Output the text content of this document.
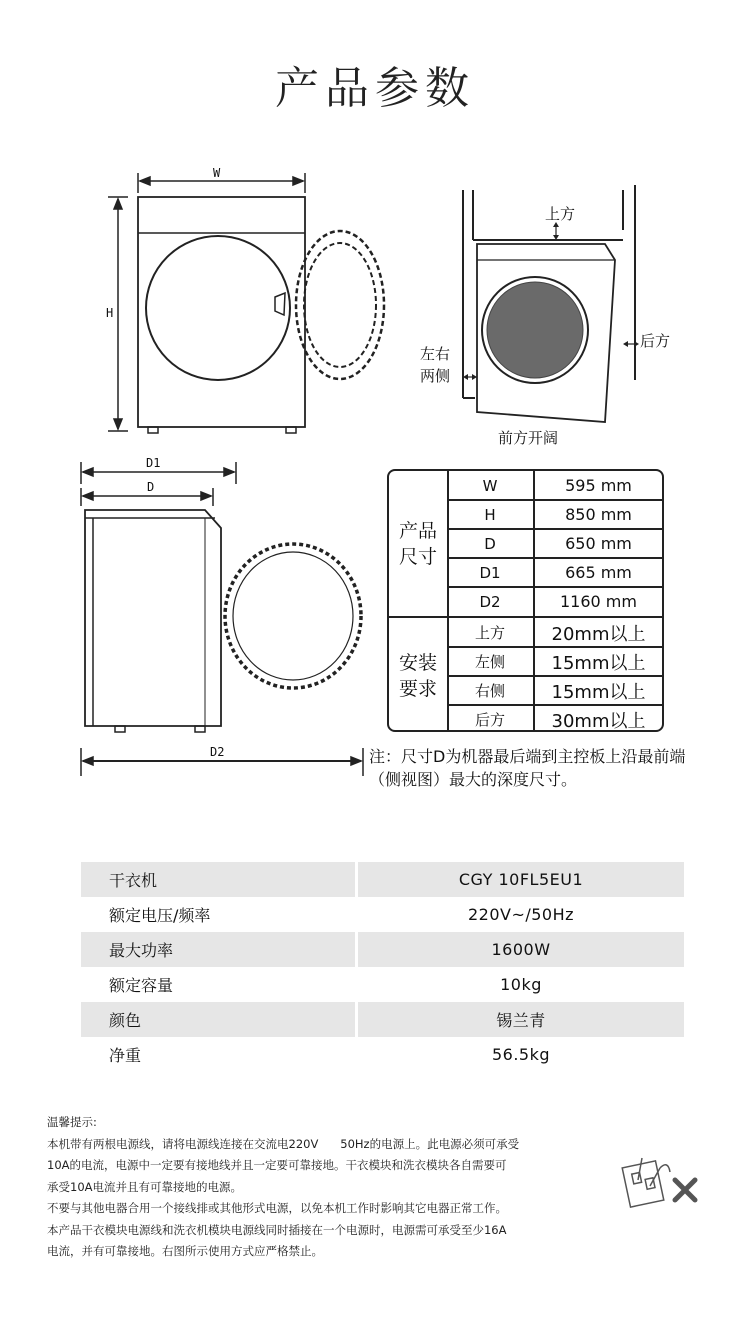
产品参数
W
H
上方
后方
左右
两侧
前方开阔
D1
D
D2
产品
尺寸
W	595 mm
H	850 mm
D	650 mm
D1	665 mm
D2	1160 mm
安装
要求
上方	20mm以上
左侧	15mm以上
右侧	15mm以上
后方	30mm以上
注：尺寸D为机器最后端到主控板上沿最前端（侧视图）最大的深度尺寸。
干衣机	CGY 10FL5EU1
额定电压/频率	220V~/50Hz
最大功率	1600W
额定容量	10kg
颜色	锡兰青
净重	56.5kg

温馨提示:

本机带有两根电源线，请将电源线连接在交流电220V      50Hz的电源上。此电源必须可承受

10A的电流，电源中一定要有接地线并且一定要可靠接地。干衣模块和洗衣模块各自需要可

承受10A电流并且有可靠接地的电源。

不要与其他电器合用一个接线排或其他形式电源，以免本机工作时影响其它电器正常工作。

本产品干衣模块电源线和洗衣机模块电源线同时插接在一个电源时，电源需可承受至少16A

电流，并有可靠接地。右图所示使用方式应严格禁止。
